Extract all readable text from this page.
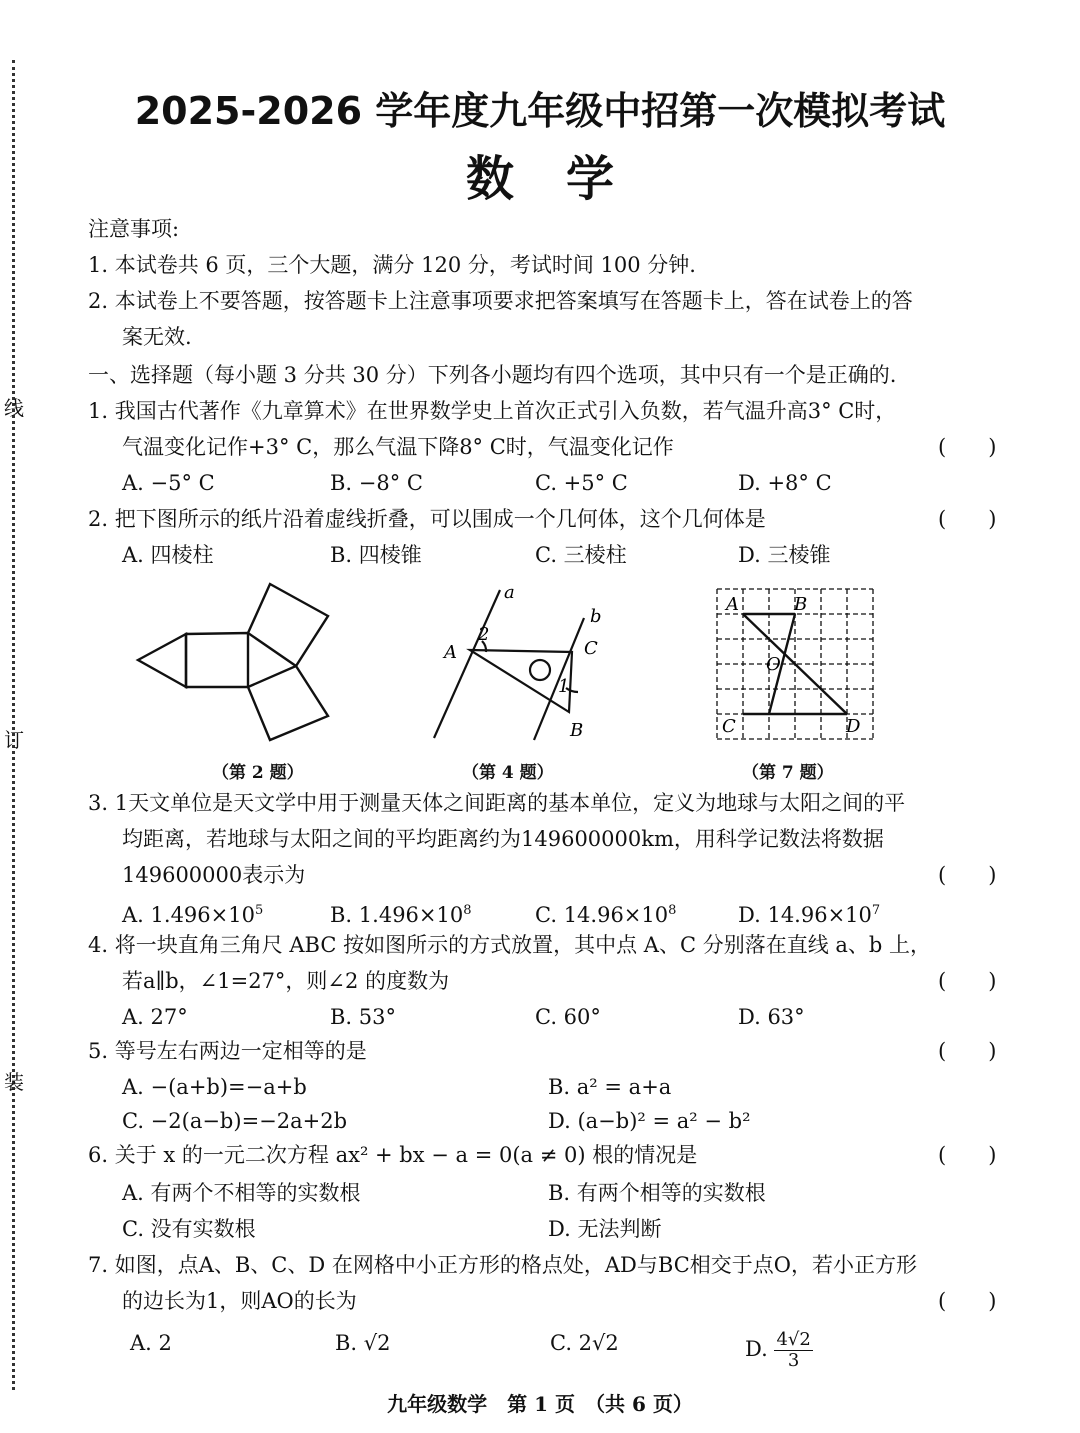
线
订
装
2025-2026 学年度九年级中招第一次模拟考试
数学
注意事项:
1. 本试卷共 6 页，三个大题，满分 120 分，考试时间 100 分钟.
2. 本试卷上不要答题，按答题卡上注意事项要求把答案填写在答题卡上，答在试卷上的答
案无效.
一、选择题（每小题 3 分共 30 分）下列各小题均有四个选项，其中只有一个是正确的.
1. 我国古代著作《九章算术》在世界数学史上首次正式引入负数，若气温升高3° C时，
气温变化记作+3° C，那么气温下降8° C时，气温变化记作	(　　)
A. −5° C	B. −8° C	C. +5° C	D. +8° C
2. 把下图所示的纸片沿着虚线折叠，可以围成一个几何体，这个几何体是	(　　)
A. 四棱柱	B. 四棱锥	C. 三棱柱	D. 三棱锥
（第 2 题）
a
b
A	C
B
1
2
（第 4 题）
A	B
C	D
O
（第 7 题）
3. 1天文单位是天文学中用于测量天体之间距离的基本单位，定义为地球与太阳之间的平
均距离，若地球与太阳之间的平均距离约为149600000km，用科学记数法将数据
149600000表示为	(　　)
A. $1.496\times 10^5$	B. $1.496\times 10^8$	C. $14.96\times 10^8$	D. $14.96\times 10^7$
4. 将一块直角三角尺 ABC 按如图所示的方式放置，其中点 A、C 分别落在直线 a、b 上，
若a∥b，∠1=27°，则∠2 的度数为	(　　)
A. 27°	B. 53°	C. 60°	D. 63°
5. 等号左右两边一定相等的是	(　　)
A. −(a+b)=−a+b	B. a² = a+a
C. −2(a−b)=−2a+2b	D. (a−b)² = a² − b²
6. 关于 x 的一元二次方程 ax² + bx − a = 0(a ≠ 0) 根的情况是	(　　)
A. 有两个不相等的实数根	B. 有两个相等的实数根
C. 没有实数根	D. 无法判断
7. 如图，点A、B、C、D 在网格中小正方形的格点处，AD与BC相交于点O，若小正方形
的边长为1，则AO的长为	(　　)
A. 2	B. √2	C. 2√2	D. $\frac{4√2}{3}$
九年级数学　第 1 页　（共 6 页）
